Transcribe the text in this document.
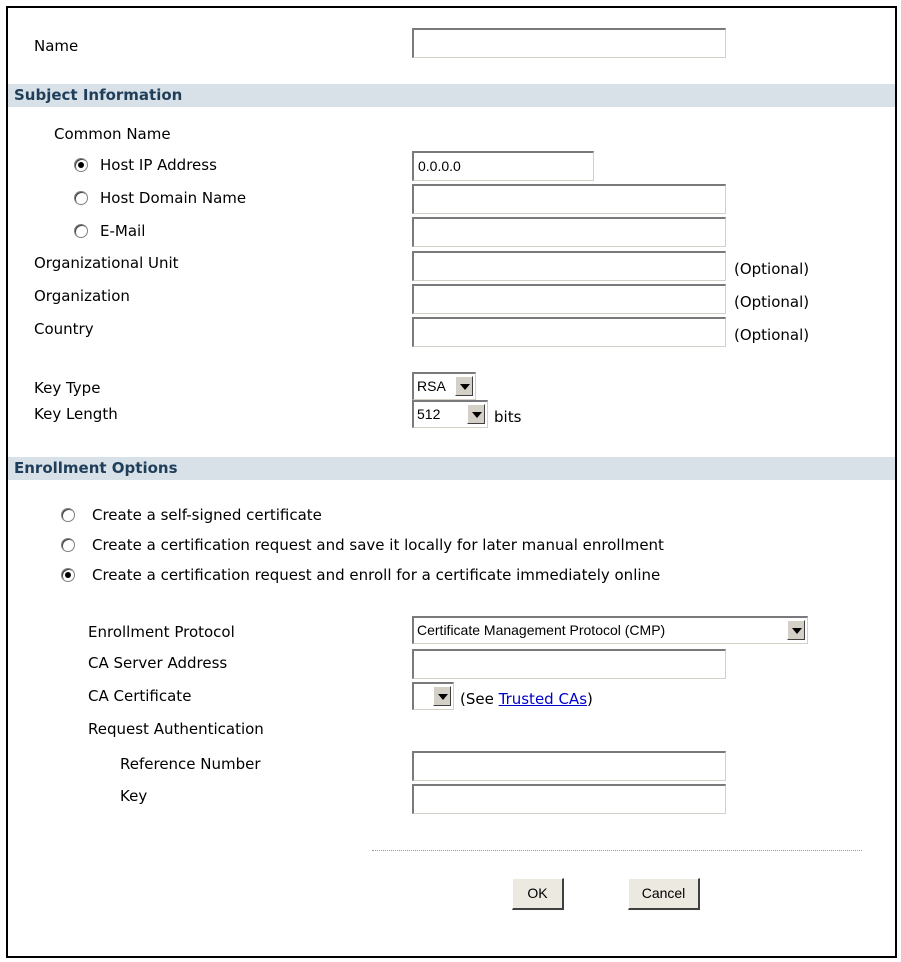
Name
Subject Information
Common Name
Host IP Address	0.0.0.0
Host Domain Name
E-Mail
Organizational Unit	(Optional)
Organization	(Optional)
Country	(Optional)
Key Type	RSA
Key Length	512	bits
Enrollment Options
Create a self-signed certificate
Create a certification request and save it locally for later manual enrollment
Create a certification request and enroll for a certificate immediately online
Enrollment Protocol	Certificate Management Protocol (CMP)
CA Server Address
CA Certificate	(See Trusted CAs)
Request Authentication
Reference Number
Key
OK	Cancel
